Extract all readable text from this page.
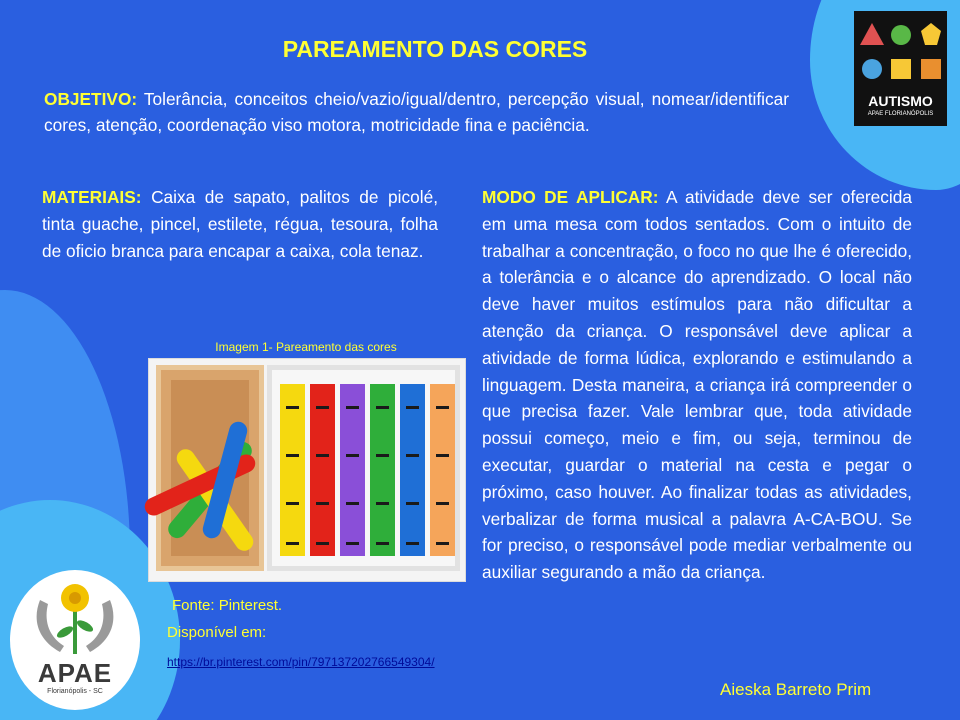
PAREAMENTO DAS CORES
OBJETIVO: Tolerância, conceitos cheio/vazio/igual/dentro, percepção visual, nomear/identificar cores, atenção, coordenação viso motora, motricidade fina e paciência.
MATERIAIS: Caixa de sapato, palitos de picolé, tinta guache, pincel, estilete, régua, tesoura, folha de oficio branca para encapar a caixa, cola tenaz.
MODO DE APLICAR: A atividade deve ser oferecida em uma mesa com todos sentados. Com o intuito de trabalhar a concentração, o foco no que lhe é oferecido, a tolerância e o alcance do aprendizado. O local não deve haver muitos estímulos para não dificultar a atenção da criança. O responsável deve aplicar a atividade de forma lúdica, explorando e estimulando a linguagem. Desta maneira, a criança irá compreender o que precisa fazer. Vale lembrar que, toda atividade possui começo, meio e fim, ou seja, terminou de executar, guardar o material na cesta e pegar o próximo, caso houver. Ao finalizar todas as atividades, verbalizar de forma musical a palavra A-CA-BOU. Se for preciso, o responsável pode mediar verbalmente ou auxiliar segurando a mão da criança.
Imagem 1- Pareamento das cores
Fonte: Pinterest.
Disponível em:
https://br.pinterest.com/pin/797137202766549304/
Aieska Barreto Prim
AUTISMO
APAE FLORIANÓPOLIS
APAE
Florianópolis - SC
